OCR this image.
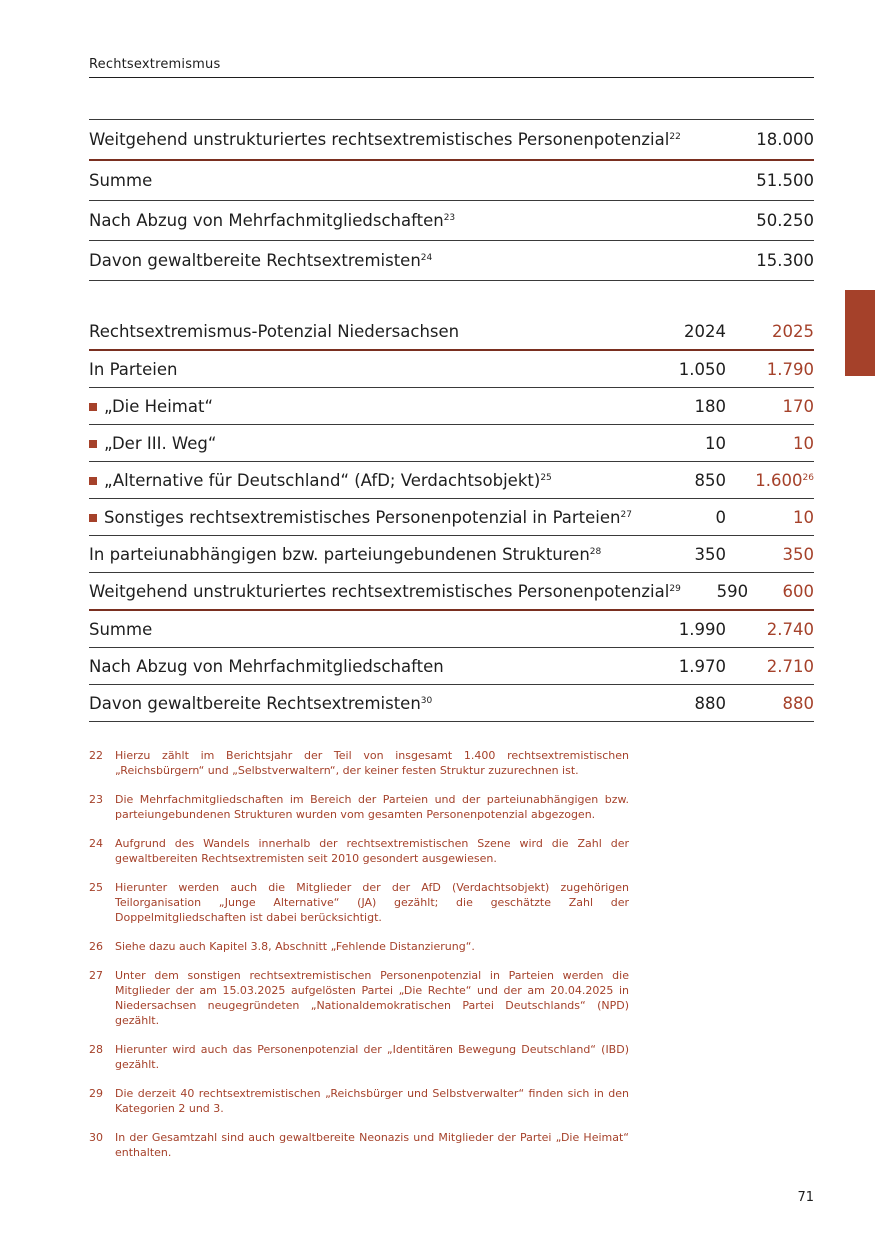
Rechtsextremismus
Weitgehend unstrukturiertes rechtsextremistisches Personenpotenzial$^{22}$	18.000
Summe	51.500
Nach Abzug von Mehrfachmitgliedschaften$^{23}$	50.250
Davon gewaltbereite Rechtsextremisten$^{24}$	15.300
Rechtsextremismus-Potenzial Niedersachsen	2024	2025
In Parteien	1.050	1.790
„Die Heimat“	180	170
„Der III. Weg“	10	10
„Alternative für Deutschland“ (AfD; Verdachtsobjekt)$^{25}$	850	1.600$^{26}$
Sonstiges rechtsextremistisches Personenpotenzial in Parteien$^{27}$	0	10
In parteiunabhängigen bzw. parteiungebundenen Strukturen$^{28}$	350	350
Weitgehend unstrukturiertes rechtsextremistisches Personenpotenzial$^{29}$	590	600
Summe	1.990	2.740
Nach Abzug von Mehrfachmitgliedschaften	1.970	2.710
Davon gewaltbereite Rechtsextremisten$^{30}$	880	880
22	Hierzu zählt im Berichtsjahr der Teil von insgesamt 1.400 rechtsextremistischen „Reichsbürgern“ und „Selbstverwaltern“, der keiner festen Struktur zuzurechnen ist.
23	Die Mehrfachmitgliedschaften im Bereich der Parteien und der parteiunabhängigen bzw. parteiungebundenen Strukturen wurden vom gesamten Personenpotenzial abgezogen.
24	Aufgrund des Wandels innerhalb der rechtsextremistischen Szene wird die Zahl der gewaltbereiten Rechtsextremisten seit 2010 gesondert ausgewiesen.
25	Hierunter werden auch die Mitglieder der der AfD (Verdachtsobjekt) zugehörigen Teilorganisation „Junge Alternative“ (JA) gezählt; die geschätzte Zahl der Doppelmitgliedschaften ist dabei berücksichtigt.
26	Siehe dazu auch Kapitel 3.8, Abschnitt „Fehlende Distanzierung“.
27	Unter dem sonstigen rechtsextremistischen Personenpotenzial in Parteien werden die Mitglieder der am 15.03.2025 aufgelösten Partei „Die Rechte“ und der am 20.04.2025 in Niedersachsen neugegründeten „Nationaldemokratischen Partei Deutschlands“ (NPD) gezählt.
28	Hierunter wird auch das Personenpotenzial der „Identitären Bewegung Deutschland“ (IBD) gezählt.
29	Die derzeit 40 rechtsextremistischen „Reichsbürger und Selbstverwalter“ finden sich in den Kategorien 2 und 3.
30	In der Gesamtzahl sind auch gewaltbereite Neonazis und Mitglieder der Partei „Die Heimat“ enthalten.
71
